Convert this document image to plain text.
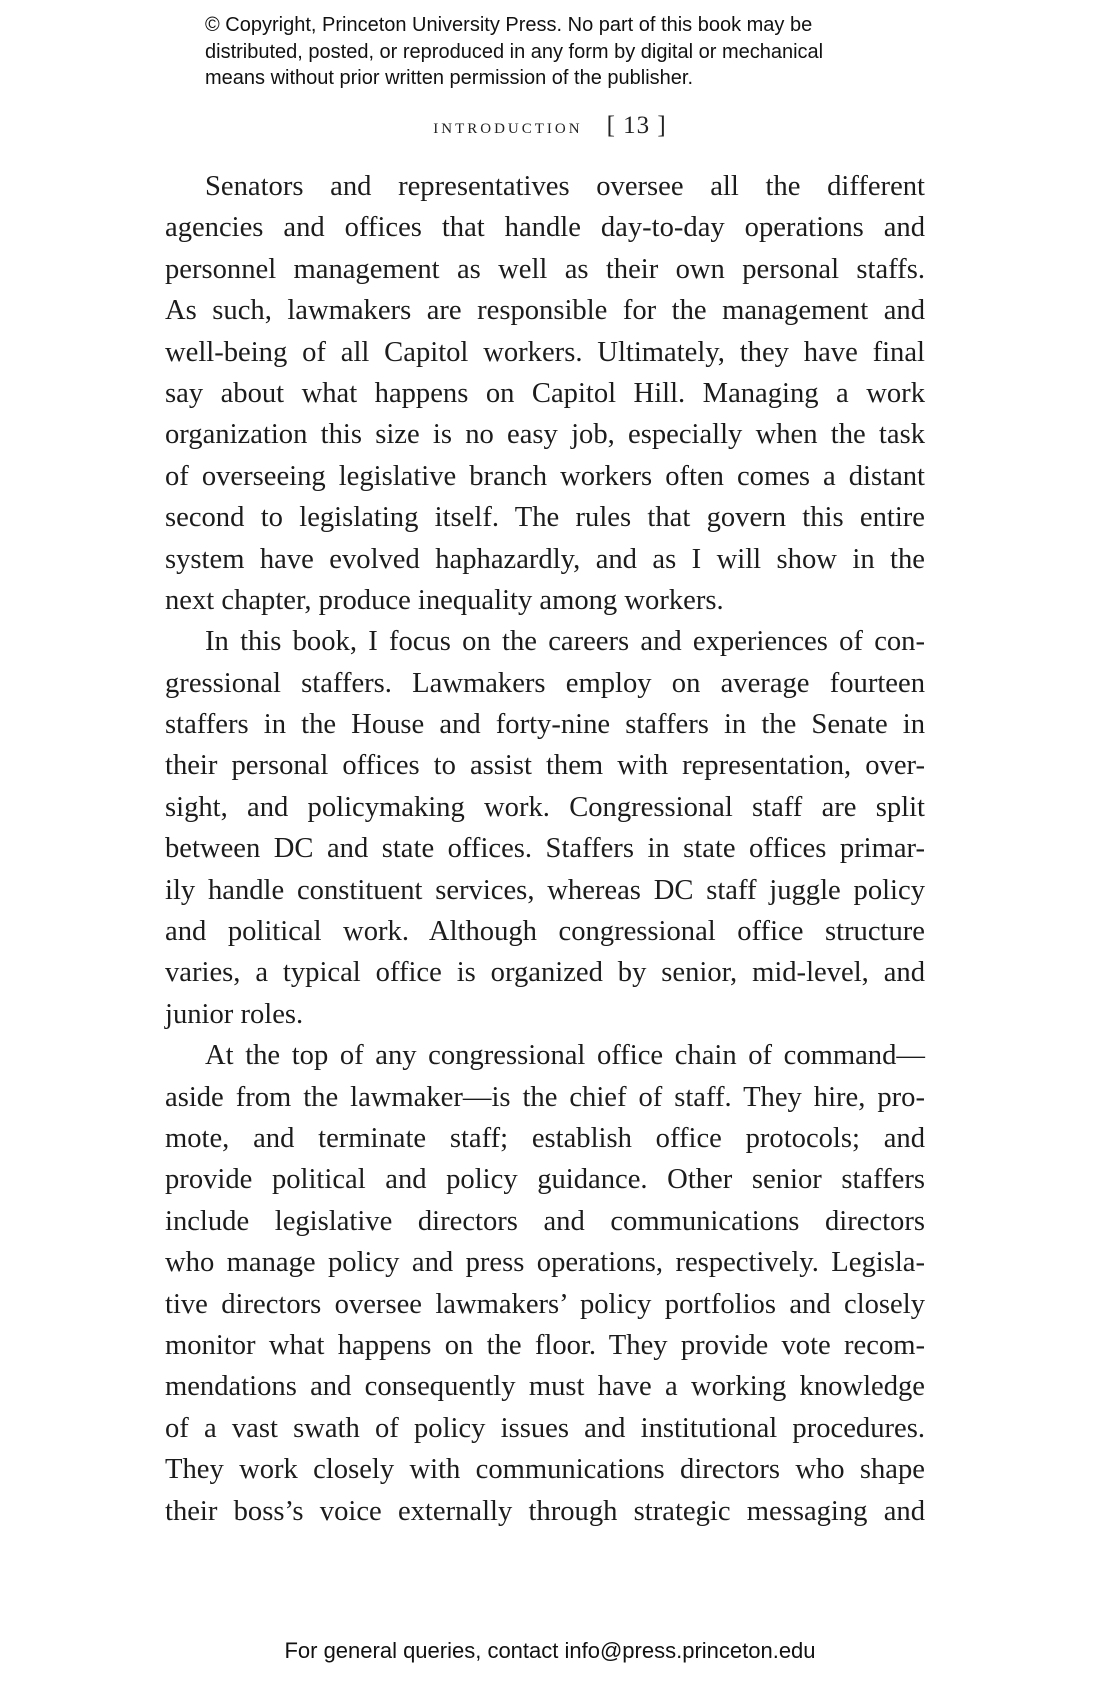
© Copyright, Princeton University Press. No part of this book may be
distributed, posted, or reproduced in any form by digital or mechanical
means without prior written permission of the publisher.
introduction [ 13 ]
Senators and representatives oversee all the different
agencies and offices that handle day-to-day operations and
personnel management as well as their own personal staffs.
As such, lawmakers are responsible for the management and
well-being of all Capitol workers. Ultimately, they have final
say about what happens on Capitol Hill. Managing a work
organization this size is no easy job, especially when the task
of overseeing legislative branch workers often comes a distant
second to legislating itself. The rules that govern this entire
system have evolved haphazardly, and as I will show in the
next chapter, produce inequality among workers.
In this book, I focus on the careers and experiences of con-
gressional staffers. Lawmakers employ on average fourteen
staffers in the House and forty-nine staffers in the Senate in
their personal offices to assist them with representation, over-
sight, and policymaking work. Congressional staff are split
between DC and state offices. Staffers in state offices primar-
ily handle constituent services, whereas DC staff juggle policy
and political work. Although congressional office structure
varies, a typical office is organized by senior, mid-level, and
junior roles.
At the top of any congressional office chain of command—
aside from the lawmaker—is the chief of staff. They hire, pro-
mote, and terminate staff; establish office protocols; and
provide political and policy guidance. Other senior staffers
include legislative directors and communications directors
who manage policy and press operations, respectively. Legisla-
tive directors oversee lawmakers’ policy portfolios and closely
monitor what happens on the floor. They provide vote recom-
mendations and consequently must have a working knowledge
of a vast swath of policy issues and institutional procedures.
They work closely with communications directors who shape
their boss’s voice externally through strategic messaging and
For general queries, contact info@press.princeton.edu
